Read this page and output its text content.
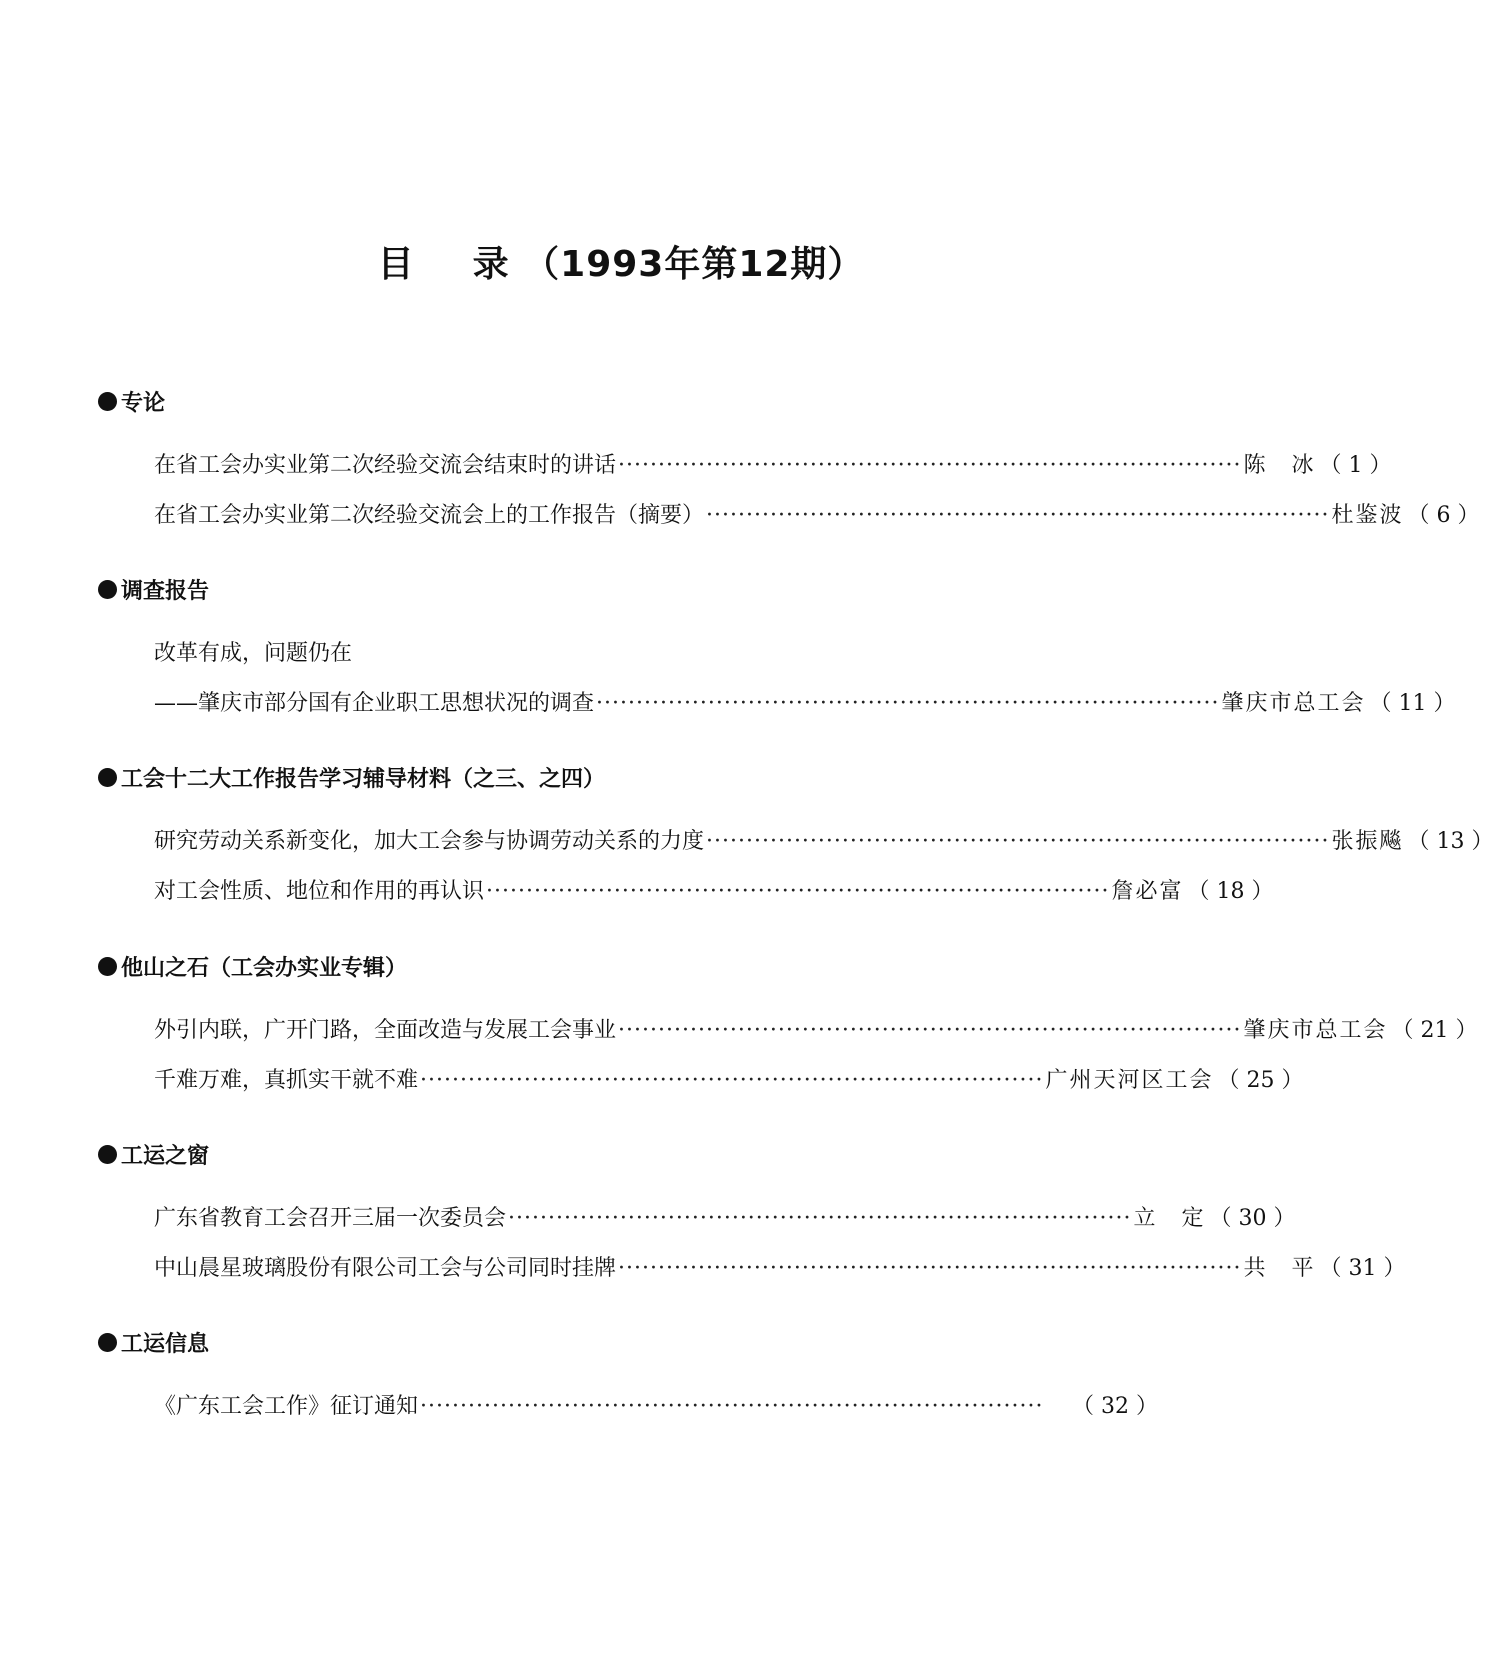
目 录 （1993年第12期）
专论
在省工会办实业第二次经验交流会结束时的讲话 ·············································································· 陈　冰 （ 1 ）
在省工会办实业第二次经验交流会上的工作报告（摘要） ·············································································· 杜鉴波 （ 6 ）
调查报告
改革有成，问题仍在
——肇庆市部分国有企业职工思想状况的调查 ·············································································· 肇庆市总工会 （ 11 ）
工会十二大工作报告学习辅导材料（之三、之四）
研究劳动关系新变化，加大工会参与协调劳动关系的力度 ·············································································· 张振飚 （ 13 ）
对工会性质、地位和作用的再认识 ·············································································· 詹必富 （ 18 ）
他山之石（工会办实业专辑）
外引内联，广开门路，全面改造与发展工会事业 ·············································································· 肇庆市总工会 （ 21 ）
千难万难，真抓实干就不难 ·············································································· 广州天河区工会 （ 25 ）
工运之窗
广东省教育工会召开三届一次委员会 ·············································································· 立　定 （ 30 ）
中山晨星玻璃股份有限公司工会与公司同时挂牌 ·············································································· 共　平 （ 31 ）
工运信息
《广东工会工作》征订通知 ··············································································	（ 32 ）
